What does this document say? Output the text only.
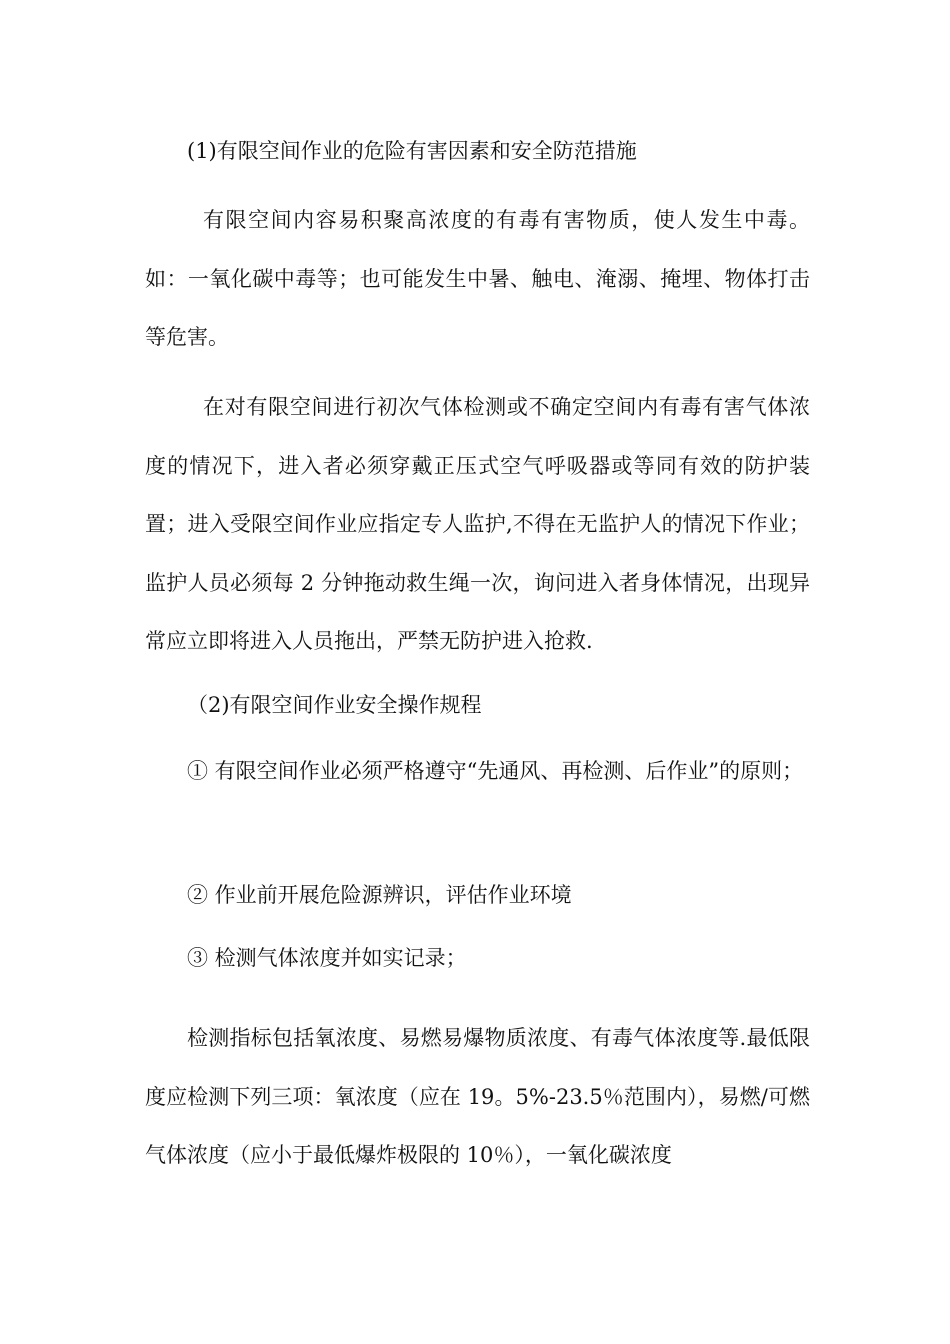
(1)有限空间作业的危险有害因素和安全防范措施

有限空间内容易积聚高浓度的有毒有害物质，使人发生中毒。如：一氧化碳中毒等；也可能发生中暑、触电、淹溺、掩埋、物体打击等危害。

在对有限空间进行初次气体检测或不确定空间内有毒有害气体浓度的情况下，进入者必须穿戴正压式空气呼吸器或等同有效的防护装置；进入受限空间作业应指定专人监护,不得在无监护人的情况下作业；监护人员必须每 2 分钟拖动救生绳一次，询问进入者身体情况，出现异常应立即将进入人员拖出，严禁无防护进入抢救.

（2)有限空间作业安全操作规程

① 有限空间作业必须严格遵守“先通风、再检测、后作业”的原则；

② 作业前开展危险源辨识，评估作业环境

③ 检测气体浓度并如实记录；

检测指标包括氧浓度、易燃易爆物质浓度、有毒气体浓度等.最低限度应检测下列三项：氧浓度（应在 19。5%-23.5％范围内），易燃/可燃气体浓度（应小于最低爆炸极限的 10％），一氧化碳浓度
